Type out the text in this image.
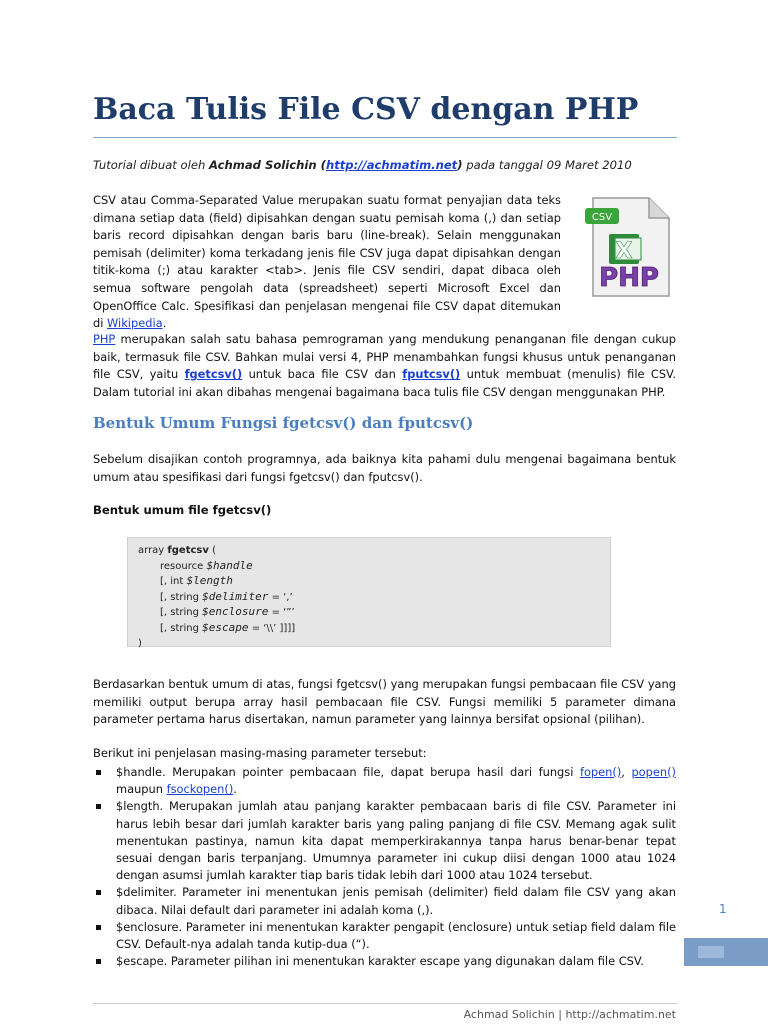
Baca Tulis File CSV dengan PHP
Tutorial dibuat oleh Achmad Solichin (http://achmatim.net) pada tanggal 09 Maret 2010

CSV atau Comma-Separated Value merupakan suatu format penyajian data teks dimana setiap data (field) dipisahkan dengan suatu pemisah koma (,) dan setiap baris record dipisahkan dengan baris baru (line-break). Selain menggunakan pemisah (delimiter) koma terkadang jenis file CSV juga dapat dipisahkan dengan titik-koma (;) atau karakter <tab>. Jenis file CSV sendiri, dapat dibaca oleh semua software pengolah data (spreadsheet) seperti Microsoft Excel dan OpenOffice Calc. Spesifikasi dan penjelasan mengenai file CSV dapat ditemukan di Wikipedia.

CSV
X
PHP

PHP merupakan salah satu bahasa pemrograman yang mendukung penanganan file dengan cukup baik, termasuk file CSV. Bahkan mulai versi 4, PHP menambahkan fungsi khusus untuk penanganan file CSV, yaitu fgetcsv() untuk baca file CSV dan fputcsv() untuk membuat (menulis) file CSV. Dalam tutorial ini akan dibahas mengenai bagaimana baca tulis file CSV dengan menggunakan PHP.

Bentuk Umum Fungsi fgetcsv() dan fputcsv()

Sebelum disajikan contoh programnya, ada baiknya kita pahami dulu mengenai bagaimana bentuk umum atau spesifikasi dari fungsi fgetcsv() dan fputcsv().

Bentuk umum file fgetcsv()
array fgetcsv (
resource $handle
[, int $length
[, string $delimiter = ‘,’
[, string $enclosure = ‘”’
[, string $escape = ‘\\’ ]]]]
)

Berdasarkan bentuk umum di atas, fungsi fgetcsv() yang merupakan fungsi pembacaan file CSV yang memiliki output berupa array hasil pembacaan file CSV. Fungsi memiliki 5 parameter dimana parameter pertama harus disertakan, namun parameter yang lainnya bersifat opsional (pilihan).

Berikut ini penjelasan masing-masing parameter tersebut:

$handle. Merupakan pointer pembacaan file, dapat berupa hasil dari fungsi fopen(), popen() maupun fsockopen().
$length. Merupakan jumlah atau panjang karakter pembacaan baris di file CSV. Parameter ini harus lebih besar dari jumlah karakter baris yang paling panjang di file CSV. Memang agak sulit menentukan pastinya, namun kita dapat memperkirakannya tanpa harus benar-benar tepat sesuai dengan baris terpanjang. Umumnya parameter ini cukup diisi dengan 1000 atau 1024 dengan asumsi jumlah karakter tiap baris tidak lebih dari 1000 atau 1024 tersebut.
$delimiter. Parameter ini menentukan jenis pemisah (delimiter) field dalam file CSV yang akan dibaca. Nilai default dari parameter ini adalah koma (,).
$enclosure. Parameter ini menentukan karakter pengapit (enclosure) untuk setiap field dalam file CSV. Default-nya adalah tanda kutip-dua (“).
$escape. Parameter pilihan ini menentukan karakter escape yang digunakan dalam file CSV.
1
Achmad Solichin | http://achmatim.net
